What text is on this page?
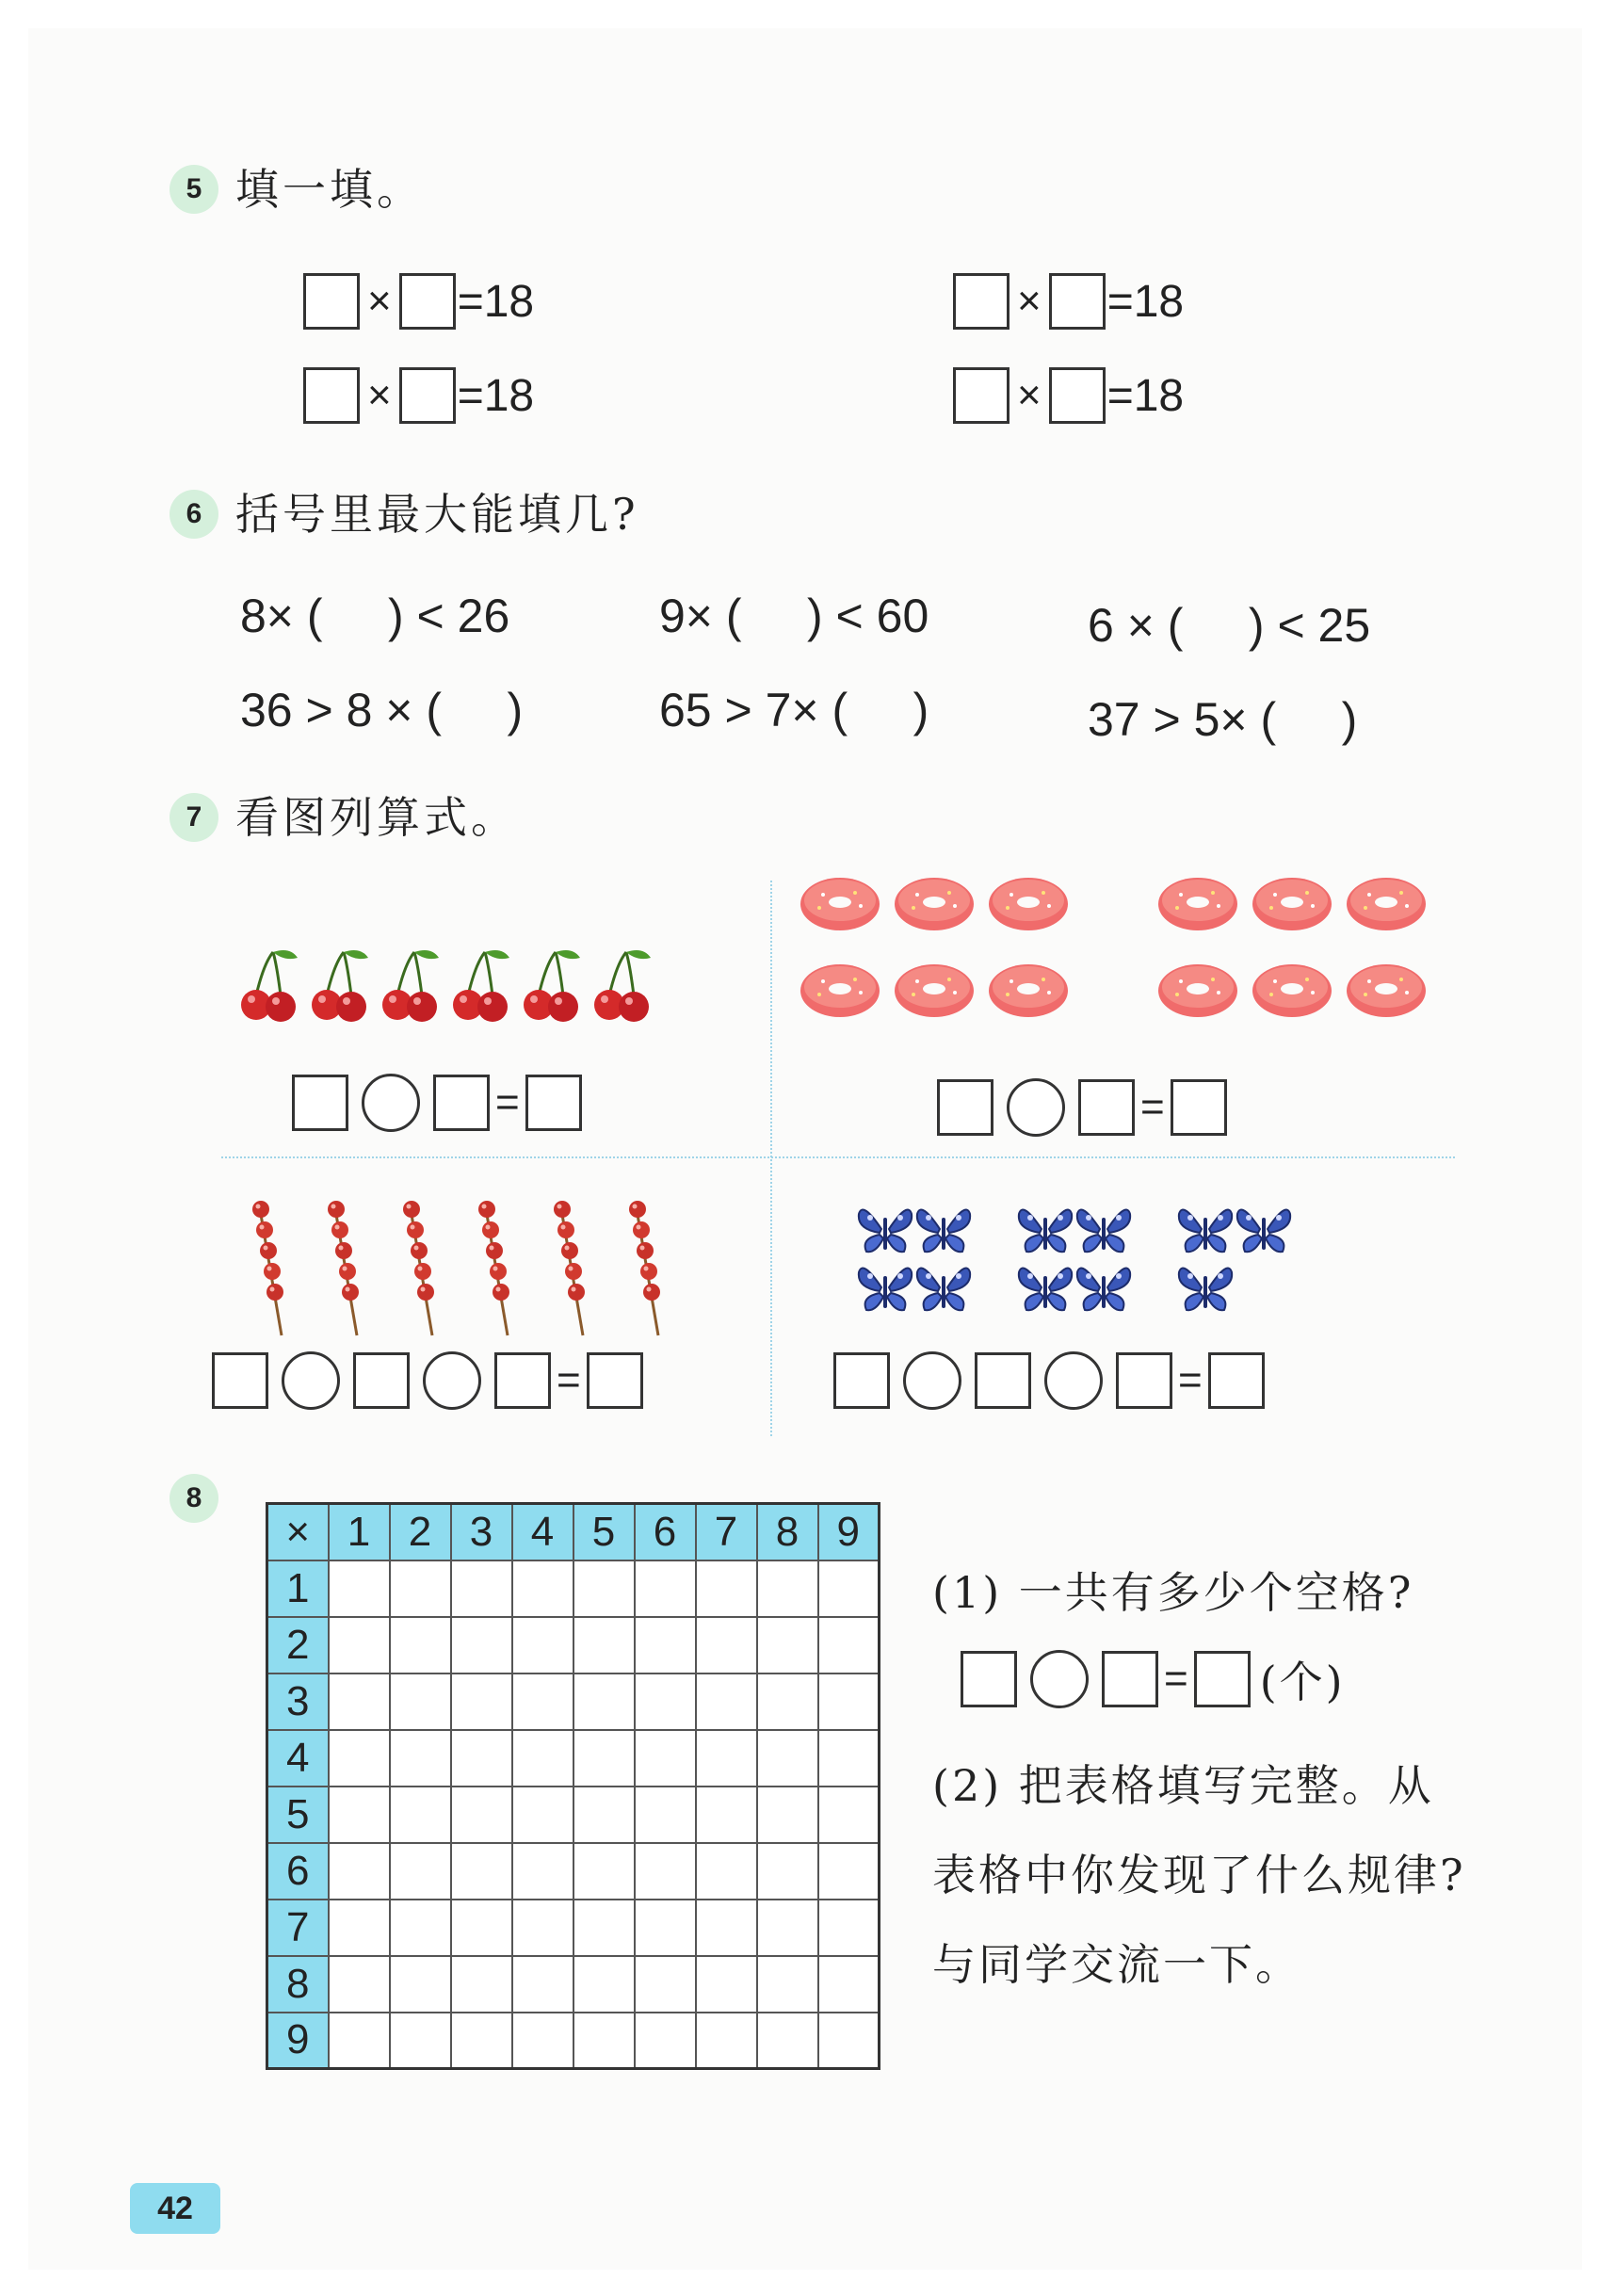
5 填一填。
× =18	× =18
× =18	× =18
6 括号里最大能填几?
8× (     ) < 26	9× (     ) < 60	6 × (     ) < 25
36 > 8 × (     )	65 > 7× (     )	37 > 5× (     )
7 看图列算式。
=	=
=	=
8
×	1	2	3	4	5	6	7	8	9
1									
2									
3									
4									
5									
6									
7									
8									
9									
(1) 一共有多少个空格?
= (个)
(2) 把表格填写完整。从
表格中你发现了什么规律?
与同学交流一下。
42
